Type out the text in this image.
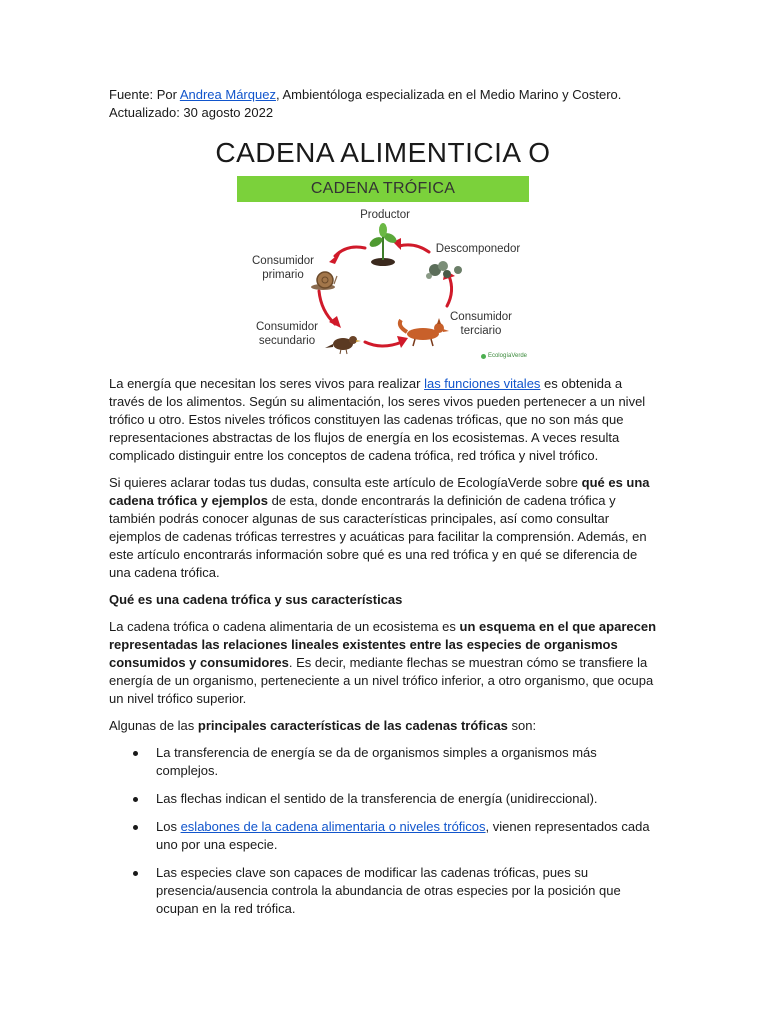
Fuente: Por Andrea Márquez, Ambientóloga especializada en el Medio Marino y Costero. Actualizado: 30 agosto 2022

CADENA ALIMENTICIA O
CADENA TRÓFICA
Productor
Descomponedor
Consumidor
primario
Consumidor
secundario
Consumidor
terciario
EcologíaVerde

La energía que necesitan los seres vivos para realizar las funciones vitales es obtenida a través de los alimentos. Según su alimentación, los seres vivos pueden pertenecer a un nivel trófico u otro. Estos niveles tróficos constituyen las cadenas tróficas, que no son más que representaciones abstractas de los flujos de energía en los ecosistemas. A veces resulta complicado distinguir entre los conceptos de cadena trófica, red trófica y nivel trófico.

Si quieres aclarar todas tus dudas, consulta este artículo de EcologíaVerde sobre qué es una cadena trófica y ejemplos de esta, donde encontrarás la definición de cadena trófica y también podrás conocer algunas de sus características principales, así como consultar ejemplos de cadenas tróficas terrestres y acuáticas para facilitar la comprensión. Además, en este artículo encontrarás información sobre qué es una red trófica y en qué se diferencia de una cadena trófica.

Qué es una cadena trófica y sus características

La cadena trófica o cadena alimentaria de un ecosistema es un esquema en el que aparecen representadas las relaciones lineales existentes entre las especies de organismos consumidos y consumidores. Es decir, mediante flechas se muestran cómo se transfiere la energía de un organismo, perteneciente a un nivel trófico inferior, a otro organismo, que ocupa un nivel trófico superior.

Algunas de las principales características de las cadenas tróficas son:

La transferencia de energía se da de organismos simples a organismos más complejos.
Las flechas indican el sentido de la transferencia de energía (unidireccional).
Los eslabones de la cadena alimentaria o niveles tróficos, vienen representados cada uno por una especie.
Las especies clave son capaces de modificar las cadenas tróficas, pues su presencia/ausencia controla la abundancia de otras especies por la posición que ocupan en la red trófica.
